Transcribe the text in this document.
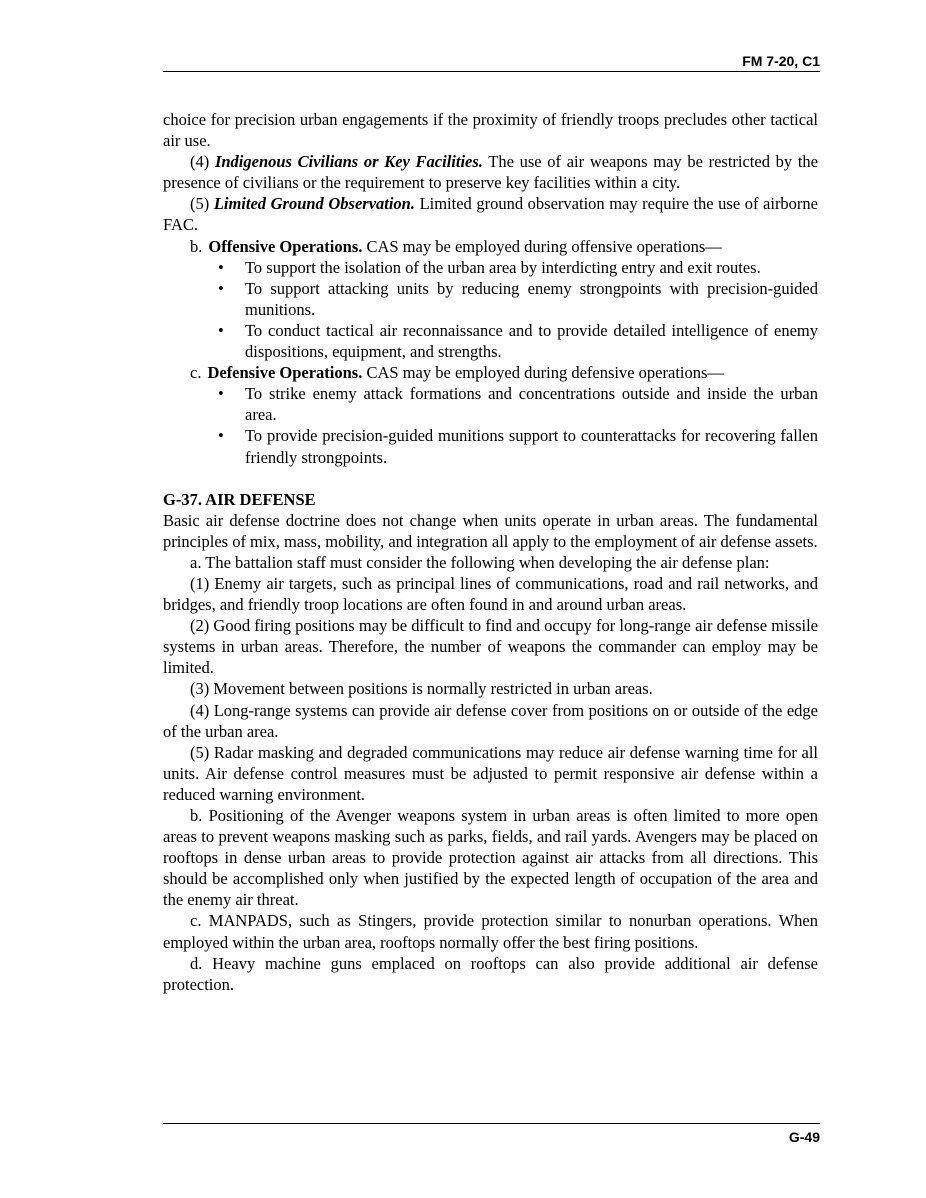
FM 7-20, C1

choice for precision urban engagements if the proximity of friendly troops precludes other tactical air use.

(4) Indigenous Civilians or Key Facilities. The use of air weapons may be restricted by the presence of civilians or the requirement to preserve key facilities within a city.

(5) Limited Ground Observation. Limited ground observation may require the use of airborne FAC.

b. Offensive Operations. CAS may be employed during offensive operations—

• To support the isolation of the urban area by interdicting entry and exit routes.
• To support attacking units by reducing enemy strongpoints with precision-guided munitions.
• To conduct tactical air reconnaissance and to provide detailed intelligence of enemy dispositions, equipment, and strengths.

c. Defensive Operations. CAS may be employed during defensive operations—

• To strike enemy attack formations and concentrations outside and inside the urban area.
• To provide precision-guided munitions support to counterattacks for recovering fallen friendly strongpoints.

G-37. AIR DEFENSE

Basic air defense doctrine does not change when units operate in urban areas. The fundamental principles of mix, mass, mobility, and integration all apply to the employment of air defense assets.

a. The battalion staff must consider the following when developing the air defense plan:

(1) Enemy air targets, such as principal lines of communications, road and rail networks, and bridges, and friendly troop locations are often found in and around urban areas.

(2) Good firing positions may be difficult to find and occupy for long-range air defense missile systems in urban areas. Therefore, the number of weapons the commander can employ may be limited.

(3) Movement between positions is normally restricted in urban areas.

(4) Long-range systems can provide air defense cover from positions on or outside of the edge of the urban area.

(5) Radar masking and degraded communications may reduce air defense warning time for all units. Air defense control measures must be adjusted to permit responsive air defense within a reduced warning environment.

b. Positioning of the Avenger weapons system in urban areas is often limited to more open areas to prevent weapons masking such as parks, fields, and rail yards. Avengers may be placed on rooftops in dense urban areas to provide protection against air attacks from all directions. This should be accomplished only when justified by the expected length of occupation of the area and the enemy air threat.

c. MANPADS, such as Stingers, provide protection similar to nonurban operations. When employed within the urban area, rooftops normally offer the best firing positions.

d. Heavy machine guns emplaced on rooftops can also provide additional air defense protection.

G-49
